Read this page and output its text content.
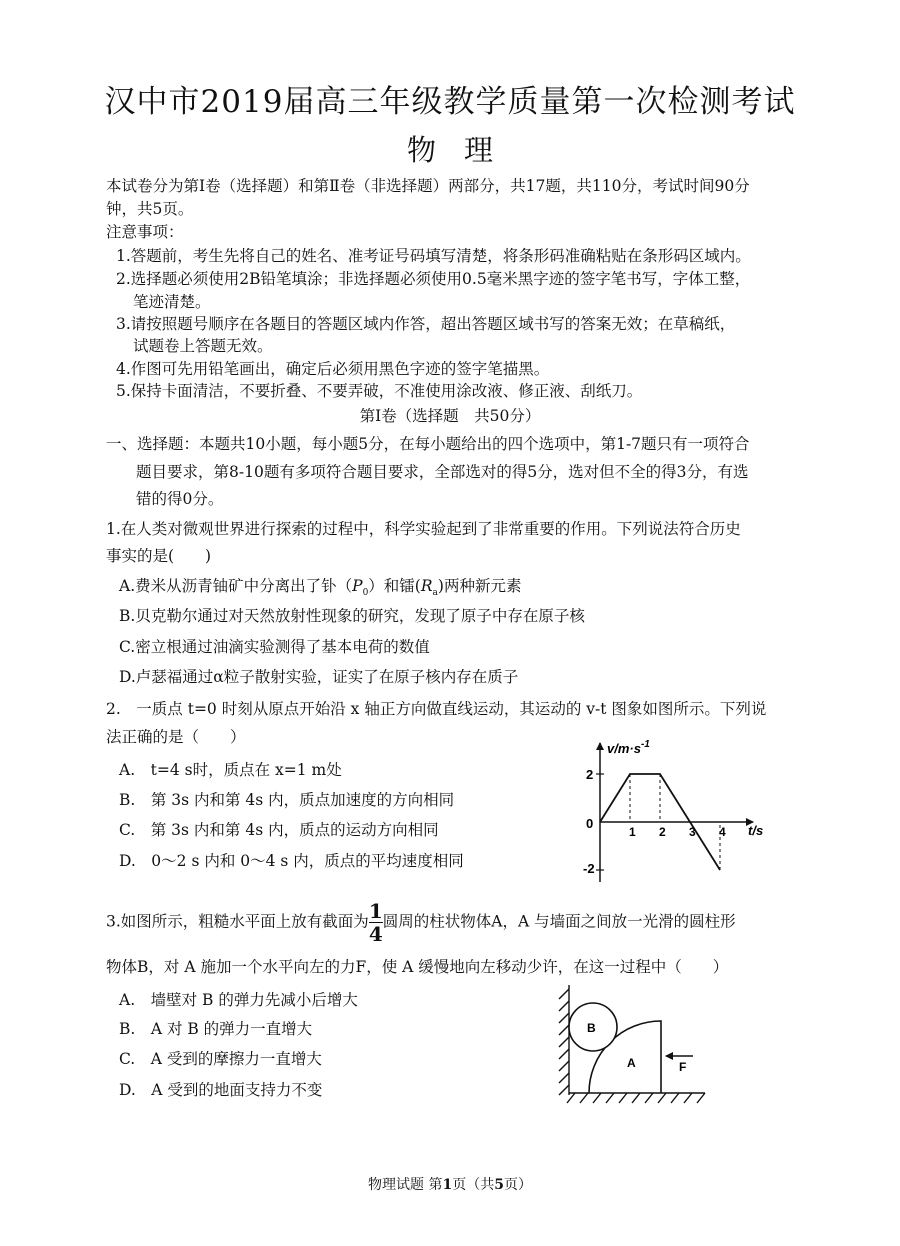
汉中市2019届高三年级教学质量第一次检测考试
物理
本试卷分为第I卷（选择题）和第Ⅱ卷（非选择题）两部分，共17题，共110分，考试时间90分
钟，共5页。
注意事项：
1.答题前，考生先将自己的姓名、准考证号码填写清楚，将条形码准确粘贴在条形码区域内。
2.选择题必须使用2B铅笔填涂；非选择题必须使用0.5毫米黑字迹的签字笔书写，字体工整，
笔迹清楚。
3.请按照题号顺序在各题目的答题区域内作答，超出答题区域书写的答案无效；在草稿纸，
试题卷上答题无效。
4.作图可先用铅笔画出，确定后必须用黑色字迹的签字笔描黑。
5.保持卡面清洁，不要折叠、不要弄破，不准使用涂改液、修正液、刮纸刀。
第I卷（选择题　共50分）
一、选择题：本题共10小题，每小题5分，在每小题给出的四个选项中，第1-7题只有一项符合
题目要求，第8-10题有多项符合题目要求，全部选对的得5分，选对但不全的得3分，有选
错的得0分。
1.在人类对微观世界进行探索的过程中，科学实验起到了非常重要的作用。下列说法符合历史
事实的是(　　)
A.费米从沥青铀矿中分离出了钋$(P_0)$和镭$(R_a)$两种新元素
B.贝克勒尔通过对天然放射性现象的研究，发现了原子中存在原子核
C.密立根通过油滴实验测得了基本电荷的数值
D.卢瑟福通过α粒子散射实验，证实了在原子核内存在质子
2.　一质点 t=0 时刻从原点开始沿 x 轴正方向做直线运动，其运动的 v-t 图象如图所示。下列说
法正确的是（　　）
A.　t=4 s时，质点在 x=1 m处
B.　第 3s 内和第 4s 内，质点加速度的方向相同
C.　第 3s 内和第 4s 内，质点的运动方向相同
D.　0～2 s 内和 0～4 s 内，质点的平均速度相同
$v/m\cdot s^{-1}$
t/s
0
2
-2
1 2 3 4
3.如图所示，粗糙水平面上放有截面为$\frac{1}{4}$圆周的柱状物体A，A 与墙面之间放一光滑的圆柱形
物体B，对 A 施加一个水平向左的力F，使 A 缓慢地向左移动少许，在这一过程中（　　）
A.　墙壁对 B 的弹力先减小后增大
B.　A 对 B 的弹力一直增大
C.　A 受到的摩擦力一直增大
D.　A 受到的地面支持力不变
B
A	F
物理试题 第1页（共5页）
